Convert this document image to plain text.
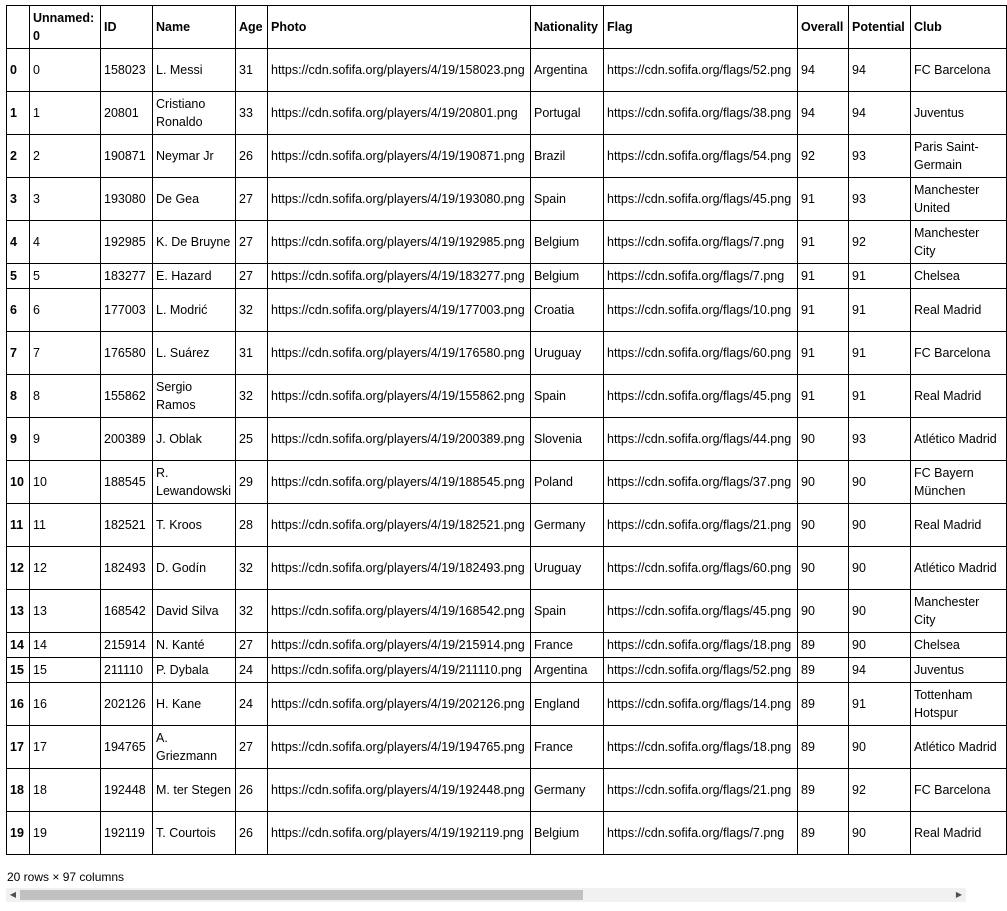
	Unnamed: 0	ID	Name	Age	Photo	Nationality	Flag	Overall	Potential	Club
0	0	158023	L. Messi	31	https://cdn.sofifa.org/players/4/19/158023.png	Argentina	https://cdn.sofifa.org/flags/52.png	94	94	FC Barcelona
1	1	20801	Cristiano Ronaldo	33	https://cdn.sofifa.org/players/4/19/20801.png	Portugal	https://cdn.sofifa.org/flags/38.png	94	94	Juventus
2	2	190871	Neymar Jr	26	https://cdn.sofifa.org/players/4/19/190871.png	Brazil	https://cdn.sofifa.org/flags/54.png	92	93	Paris Saint-Germain
3	3	193080	De Gea	27	https://cdn.sofifa.org/players/4/19/193080.png	Spain	https://cdn.sofifa.org/flags/45.png	91	93	Manchester United
4	4	192985	K. De Bruyne	27	https://cdn.sofifa.org/players/4/19/192985.png	Belgium	https://cdn.sofifa.org/flags/7.png	91	92	Manchester City
5	5	183277	E. Hazard	27	https://cdn.sofifa.org/players/4/19/183277.png	Belgium	https://cdn.sofifa.org/flags/7.png	91	91	Chelsea
6	6	177003	L. Modrić	32	https://cdn.sofifa.org/players/4/19/177003.png	Croatia	https://cdn.sofifa.org/flags/10.png	91	91	Real Madrid
7	7	176580	L. Suárez	31	https://cdn.sofifa.org/players/4/19/176580.png	Uruguay	https://cdn.sofifa.org/flags/60.png	91	91	FC Barcelona
8	8	155862	Sergio Ramos	32	https://cdn.sofifa.org/players/4/19/155862.png	Spain	https://cdn.sofifa.org/flags/45.png	91	91	Real Madrid
9	9	200389	J. Oblak	25	https://cdn.sofifa.org/players/4/19/200389.png	Slovenia	https://cdn.sofifa.org/flags/44.png	90	93	Atlético Madrid
10	10	188545	R. Lewandowski	29	https://cdn.sofifa.org/players/4/19/188545.png	Poland	https://cdn.sofifa.org/flags/37.png	90	90	FC Bayern München
11	11	182521	T. Kroos	28	https://cdn.sofifa.org/players/4/19/182521.png	Germany	https://cdn.sofifa.org/flags/21.png	90	90	Real Madrid
12	12	182493	D. Godín	32	https://cdn.sofifa.org/players/4/19/182493.png	Uruguay	https://cdn.sofifa.org/flags/60.png	90	90	Atlético Madrid
13	13	168542	David Silva	32	https://cdn.sofifa.org/players/4/19/168542.png	Spain	https://cdn.sofifa.org/flags/45.png	90	90	Manchester City
14	14	215914	N. Kanté	27	https://cdn.sofifa.org/players/4/19/215914.png	France	https://cdn.sofifa.org/flags/18.png	89	90	Chelsea
15	15	211110	P. Dybala	24	https://cdn.sofifa.org/players/4/19/211110.png	Argentina	https://cdn.sofifa.org/flags/52.png	89	94	Juventus
16	16	202126	H. Kane	24	https://cdn.sofifa.org/players/4/19/202126.png	England	https://cdn.sofifa.org/flags/14.png	89	91	Tottenham Hotspur
17	17	194765	A. Griezmann	27	https://cdn.sofifa.org/players/4/19/194765.png	France	https://cdn.sofifa.org/flags/18.png	89	90	Atlético Madrid
18	18	192448	M. ter Stegen	26	https://cdn.sofifa.org/players/4/19/192448.png	Germany	https://cdn.sofifa.org/flags/21.png	89	92	FC Barcelona
19	19	192119	T. Courtois	26	https://cdn.sofifa.org/players/4/19/192119.png	Belgium	https://cdn.sofifa.org/flags/7.png	89	90	Real Madrid
20 rows × 97 columns
◀	▶
